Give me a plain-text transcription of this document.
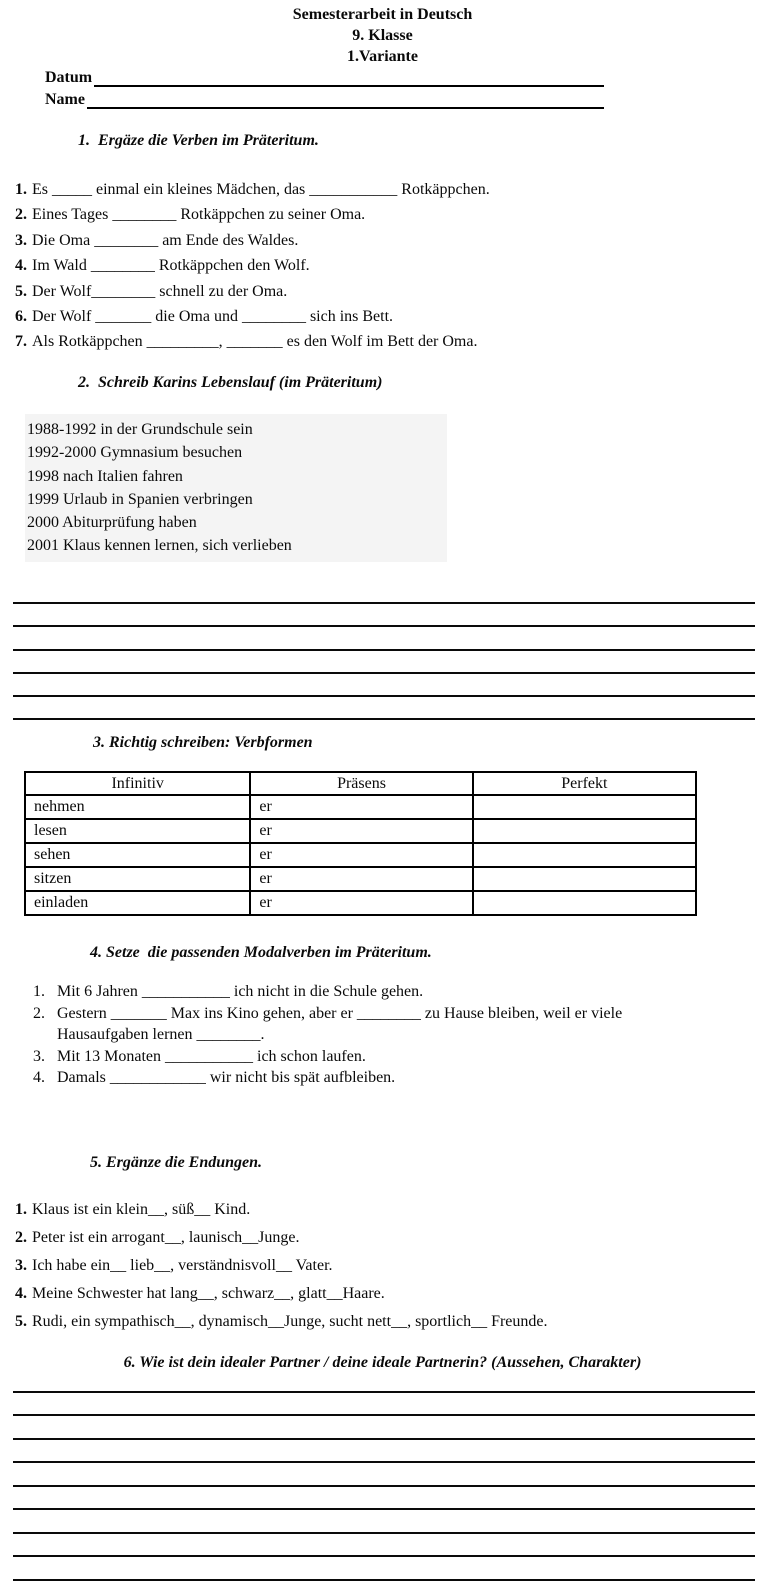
Semesterarbeit in Deutsch
9. Klasse
1.Variante
Datum
Name
1.  Ergäze die Verben im Präteritum.
1. Es _____ einmal ein kleines Mädchen, das ___________ Rotkäppchen.
2. Eines Tages ________ Rotkäppchen zu seiner Oma.
3. Die Oma ________ am Ende des Waldes.
4. Im Wald ________ Rotkäppchen den Wolf.
5. Der Wolf________ schnell zu der Oma.
6. Der Wolf _______ die Oma und ________ sich ins Bett.
7. Als Rotkäppchen _________, _______ es den Wolf im Bett der Oma.
2.  Schreib Karins Lebenslauf (im Präteritum)
1988-1992 in der Grundschule sein
1992-2000 Gymnasium besuchen
1998 nach Italien fahren
1999 Urlaub in Spanien verbringen
2000 Abiturprüfung haben
2001 Klaus kennen lernen, sich verlieben
3. Richtig schreiben: Verbformen
Infinitiv	Präsens	Perfekt
nehmen	er	
lesen	er	
sehen	er	
sitzen	er	
einladen	er	
4. Setze  die passenden Modalverben im Präteritum.
1. Mit 6 Jahren ___________ ich nicht in die Schule gehen.
2. Gestern _______ Max ins Kino gehen, aber er ________ zu Hause bleiben, weil er viele
Hausaufgaben lernen ________.
3. Mit 13 Monaten ___________ ich schon laufen.
4. Damals ____________ wir nicht bis spät aufbleiben.
5. Ergänze die Endungen.
1. Klaus ist ein klein__, süß__ Kind.
2. Peter ist ein arrogant__, launisch__Junge.
3. Ich habe ein__ lieb__, verständnisvoll__ Vater.
4. Meine Schwester hat lang__, schwarz__, glatt__Haare.
5. Rudi, ein sympathisch__, dynamisch__Junge, sucht nett__, sportlich__ Freunde.
6. Wie ist dein idealer Partner / deine ideale Partnerin? (Aussehen, Charakter)
